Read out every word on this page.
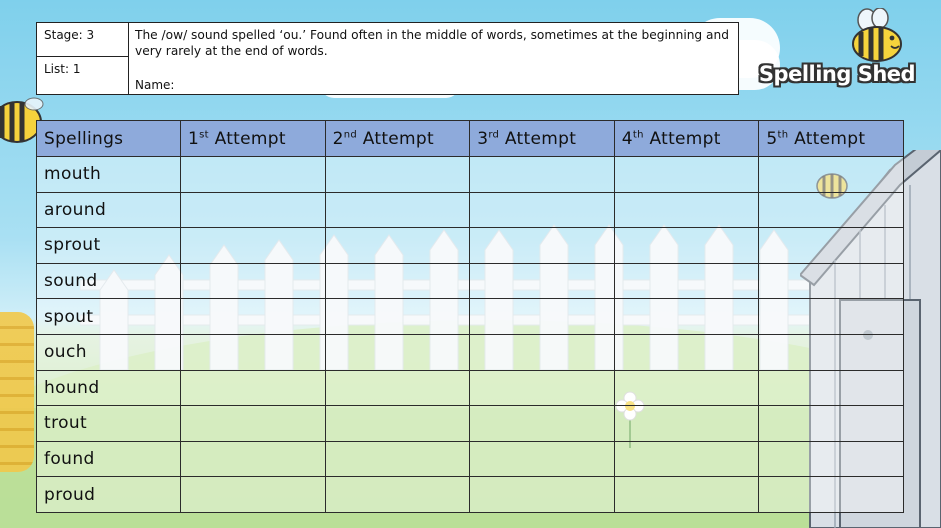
Stage: 3
List: 1
The /ow/ sound spelled ‘ou.’ Found often in the middle of words, sometimes at the beginning and very rarely at the end of words.
Name:	Spelling Shed
Spellings	1st Attempt	2nd Attempt	3rd Attempt	4th Attempt	5th Attempt
mouth					
around					
sprout					
sound					
spout					
ouch					
hound					
trout					
found					
proud					
